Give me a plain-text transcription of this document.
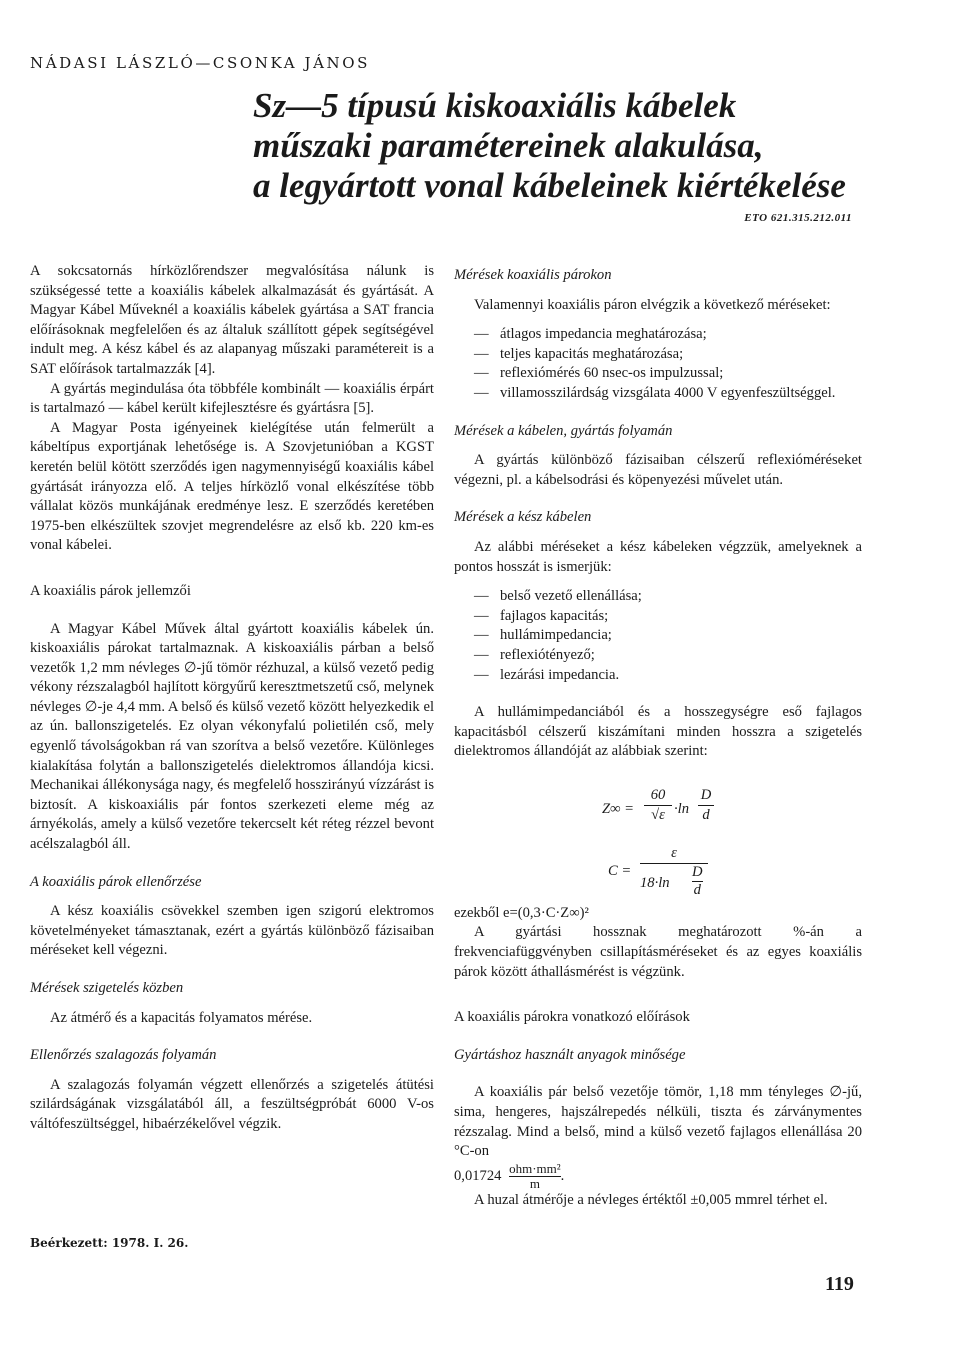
NÁDASI LÁSZLÓ—CSONKA JÁNOS
Sz—5 típusú kiskoaxiális kábelek
műszaki paramétereinek alakulása,
a legyártott vonal kábeleinek kiértékelése
ETO 621.315.212.011

A sokcsatornás hírközlőrendszer megvalósítása nálunk is szükségessé tette a koaxiális kábelek alkalmazását és gyártását. A Magyar Kábel Műveknél a koaxiális kábelek gyártása a SAT francia előírásoknak megfelelően és az általuk szállított gépek segítségével indult meg. A kész kábel és az alapanyag műszaki paramétereit is a SAT előírások tartalmazzák [4].

A gyártás megindulása óta többféle kombinált — koaxiális érpárt is tartalmazó — kábel került kifejlesztésre és gyártásra [5].

A Magyar Posta igényeinek kielégítése után felmerült a kábeltípus exportjának lehetősége is. A Szovjetunióban a KGST keretén belül kötött szerződés igen nagymennyiségű koaxiális kábel gyártását irányozza elő. A teljes hírközlő vonal elkészítése több vállalat közös munkájának eredménye lesz. E szerződés keretében 1975-ben elkészültek szovjet megrendelésre az első kb. 220 km-es vonal kábelei.

A koaxiális párok jellemzői

A Magyar Kábel Művek által gyártott koaxiális kábelek ún. kiskoaxiális párokat tartalmaznak. A kiskoaxiális párban a belső vezetők 1,2 mm névleges ∅-jű tömör rézhuzal, a külső vezető pedig vékony rézszalagból hajlított körgyűrű keresztmetszetű cső, melynek névleges ∅-je 4,4 mm. A belső és külső vezető között helyezkedik el az ún. ballonszigetelés. Ez olyan vékonyfalú polietilén cső, mely egyenlő távolságokban rá van szorítva a belső vezetőre. Különleges kialakítása folytán a ballonszigetelés dielektromos állandója kicsi. Mechanikai állékonysága nagy, és megfelelő hosszirányú vízzárást is biztosít. A kiskoaxiális pár fontos szerkezeti eleme még az árnyékolás, amely a külső vezetőre tekercselt két réteg rézzel bevont acélszalagból áll.

A koaxiális párok ellenőrzése

A kész koaxiális csövekkel szemben igen szigorú elektromos követelményeket támasztanak, ezért a gyártás különböző fázisaiban méréseket kell végezni.

Mérések szigetelés közben

Az átmérő és a kapacitás folyamatos mérése.

Ellenőrzés szalagozás folyamán

A szalagozás folyamán végzett ellenőrzés a szigetelés átütési szilárdságának vizsgálatából áll, a feszültségpróbát 6000 V-os váltófeszültséggel, hibaérzékelővel végzik.

Beérkezett: 1978. I. 26.

Mérések koaxiális párokon

Valamennyi koaxiális páron elvégzik a következő méréseket:

— átlagos impedancia meghatározása;
— teljes kapacitás meghatározása;
— reflexiómérés 60 nsec-os impulzussal;
— villamosszilárdság vizsgálata 4000 V egyenfeszültséggel.

Mérések a kábelen, gyártás folyamán

A gyártás különböző fázisaiban célszerű reflexióméréseket végezni, pl. a kábelsodrási és köpenyezési művelet után.

Mérések a kész kábelen

Az alábbi méréseket a kész kábeleken végzzük, amelyeknek a pontos hosszát is ismerjük:

— belső vezető ellenállása;
— fajlagos kapacitás;
— hullámimpedancia;
— reflexiótényező;
— lezárási impedancia.

A hullámimpedanciából és a hosszegységre eső fajlagos kapacitásból célszerű kiszámítani minden hosszra a szigetelés dielektromos állandóját az alábbiak szerint:

$Z\infty = \frac{60}{√\varepsilon} \cdot\ln \frac{D}{d}$
C = ε
18·ln
D
d

ezekből e=(0,3·C·Z∞)²

A gyártási hossznak meghatározott %-án a frekvenciafüggvényben csillapításméréseket és az egyes koaxiális párok között áthallásmérést is végzünk.

A koaxiális párokra vonatkozó előírások

Gyártáshoz használt anyagok minősége

A koaxiális pár belső vezetője tömör, 1,18 mm tényleges ∅-jű, sima, hengeres, hajszálrepedés nélküli, tiszta és zárványmentes rézszalag. Mind a belső, mind a külső vezető fajlagos ellenállása 20 °C-on

0,01724 ohm·mm²
m	.

A huzal átmérője a névleges értéktől ±0,005 mmrel térhet el.

119
